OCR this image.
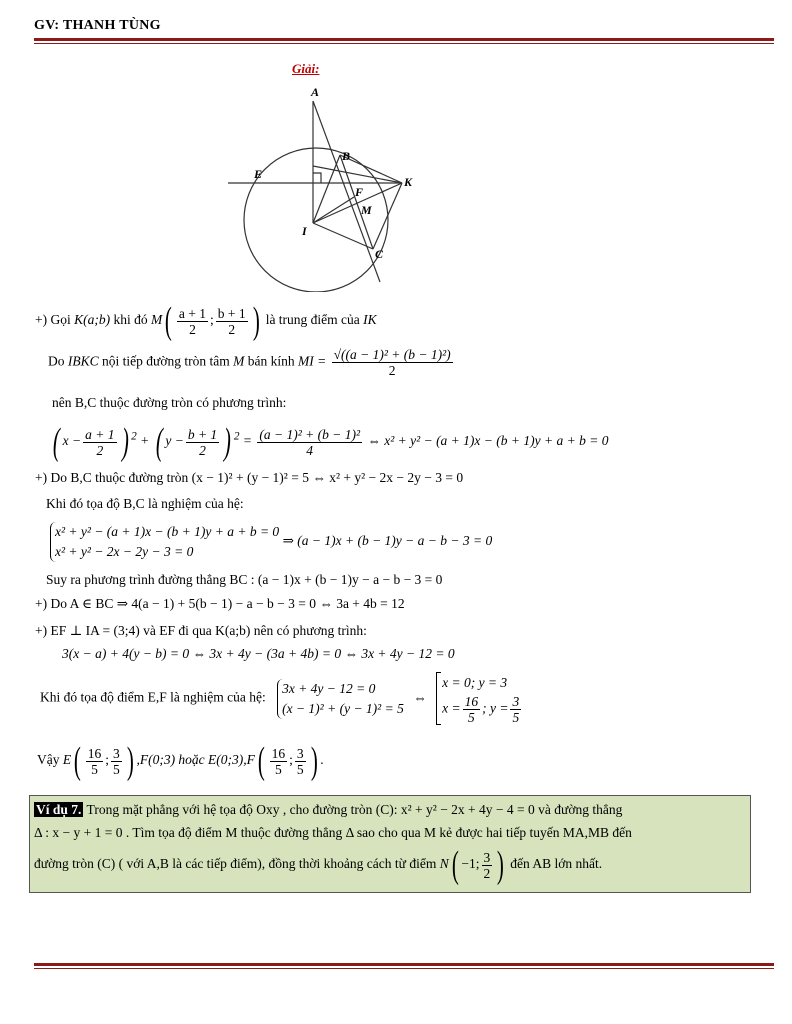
GV: THANH TÙNG
Giải:
A
B
E
K
F
M
I
C
+) Gọi K(a;b) khi đó $M( \frac{a + 1}{2}$ ; $\frac{b + 1}{2}$ ) là trung điểm của IK
Do IBKC nội tiếp đường tròn tâm M bán kính MI = $\frac{\text{√((a − 1)² + (b − 1)²)}}{2}$
nên B,C thuộc đường tròn có phương trình:
( $x - \frac{a + 1}{2}$ ) $^2$ + ( $y - \frac{b + 1}{2}$ ) $^2 = \frac{\text{(a − 1)² + (b − 1)²}}{4}$ ⇔ x² + y² − (a + 1)x − (b + 1)y + a + b = 0
+) Do B,C thuộc đường tròn (x − 1)² + (y − 1)² = 5 ⇔ x² + y² − 2x − 2y − 3 = 0
Khi đó tọa độ B,C là nghiệm của hệ:
x² + y² − (a + 1)x − (b + 1)y + a + b = 0
x² + y² − 2x − 2y − 3 = 0
⇒ (a − 1)x + (b − 1)y − a − b − 3 = 0
Suy ra phương trình đường thẳng BC : (a − 1)x + (b − 1)y − a − b − 3 = 0
+) Do A ∈ BC ⇒ 4(a − 1) + 5(b − 1) − a − b − 3 = 0 ⇔ 3a + 4b = 12
+) EF ⊥ IA = (3;4) và EF đi qua K(a;b) nên có phương trình:
3(x − a) + 4(y − b) = 0 ⇔ 3x + 4y − (3a + 4b) = 0 ⇔ 3x + 4y − 12 = 0
Khi đó tọa độ điểm E,F là nghiệm của hệ:
3x + 4y − 12 = 0
(x − 1)² + (y − 1)² = 5
⇔
x = 0; y = 3
$x = \frac{16}{5}$ ; $y = \frac{3}{5}$
Vậy $E( \frac{16}{5}$ ; $\frac{3}{5}$ ) ,F(0;3) hoặc E(0;3),F( $\frac{16}{5}$ ; $\frac{3}{5}$ ) .
Ví dụ 7. Trong mặt phẳng với hệ tọa độ Oxy , cho đường tròn (C): x² + y² − 2x + 4y − 4 = 0 và đường thẳng
Δ : x − y + 1 = 0 . Tìm tọa độ điểm M thuộc đường thẳng Δ sao cho qua M kẻ được hai tiếp tuyến MA,MB đến
đường tròn (C) ( với A,B là các tiếp điểm), đồng thời khoảng cách từ điểm N( −1; $\frac{3}{2}$ ) đến AB lớn nhất.
